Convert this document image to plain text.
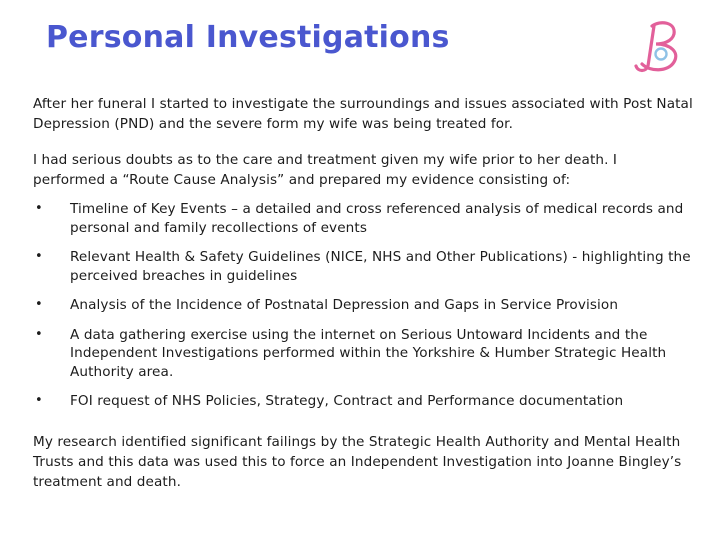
Personal Investigations

After her funeral I started to investigate the surroundings and issues associated with Post Natal Depression (PND) and the severe form my wife was being treated for.

I had serious doubts as to the care and treatment given my wife prior to her death. I performed a “Route Cause Analysis” and prepared my evidence consisting of:

• Timeline of Key Events – a detailed and cross referenced analysis of medical records and personal and family recollections of events
• Relevant Health & Safety Guidelines (NICE, NHS and Other Publications) - highlighting the perceived breaches in guidelines
• Analysis of the Incidence of Postnatal Depression and Gaps in Service Provision
• A data gathering exercise using the internet on Serious Untoward Incidents and the Independent Investigations performed within the Yorkshire & Humber Strategic Health Authority area.
• FOI request of NHS Policies, Strategy, Contract and Performance documentation

My research identified significant failings by the Strategic Health Authority and Mental Health Trusts and this data was used this to force an Independent Investigation into Joanne Bingley’s treatment and death.
